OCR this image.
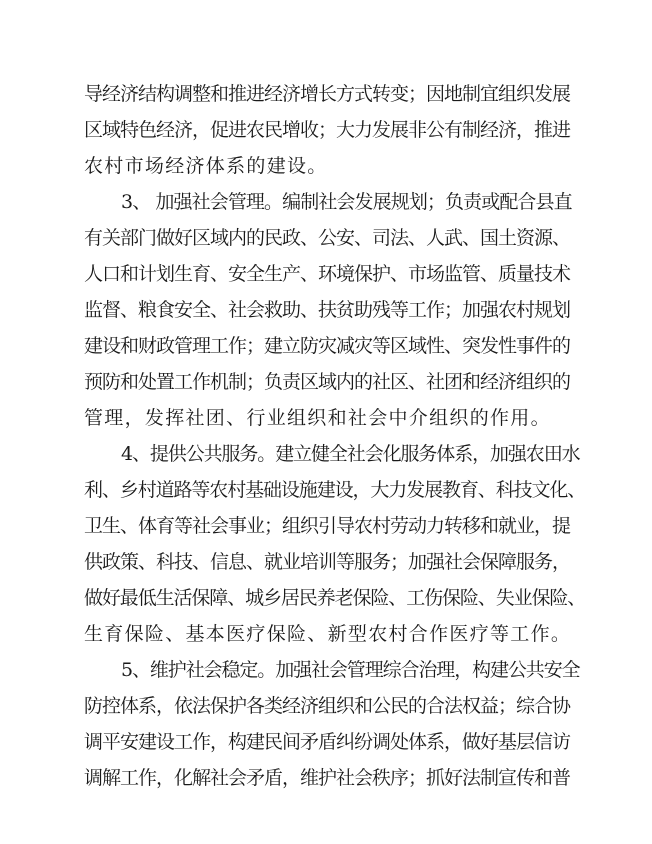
导经济结构调整和推进经济增长方式转变；因地制宜组织发展
区域特色经济，促进农民增收；大力发展非公有制经济，推进
农村市场经济体系的建设。
3、 加强社会管理。编制社会发展规划；负责或配合县直
有关部门做好区域内的民政、公安、司法、人武、国土资源、
人口和计划生育、安全生产、环境保护、市场监管、质量技术
监督、粮食安全、社会救助、扶贫助残等工作；加强农村规划
建设和财政管理工作；建立防灾减灾等区域性、突发性事件的
预防和处置工作机制；负责区域内的社区、社团和经济组织的
管理，发挥社团、行业组织和社会中介组织的作用。
4、提供公共服务。建立健全社会化服务体系，加强农田水
利、乡村道路等农村基础设施建设，大力发展教育、科技文化、
卫生、体育等社会事业；组织引导农村劳动力转移和就业，提
供政策、科技、信息、就业培训等服务；加强社会保障服务，
做好最低生活保障、城乡居民养老保险、工伤保险、失业保险、
生育保险、基本医疗保险、新型农村合作医疗等工作。
5、维护社会稳定。加强社会管理综合治理，构建公共安全
防控体系，依法保护各类经济组织和公民的合法权益；综合协
调平安建设工作，构建民间矛盾纠纷调处体系，做好基层信访
调解工作，化解社会矛盾，维护社会秩序；抓好法制宣传和普
